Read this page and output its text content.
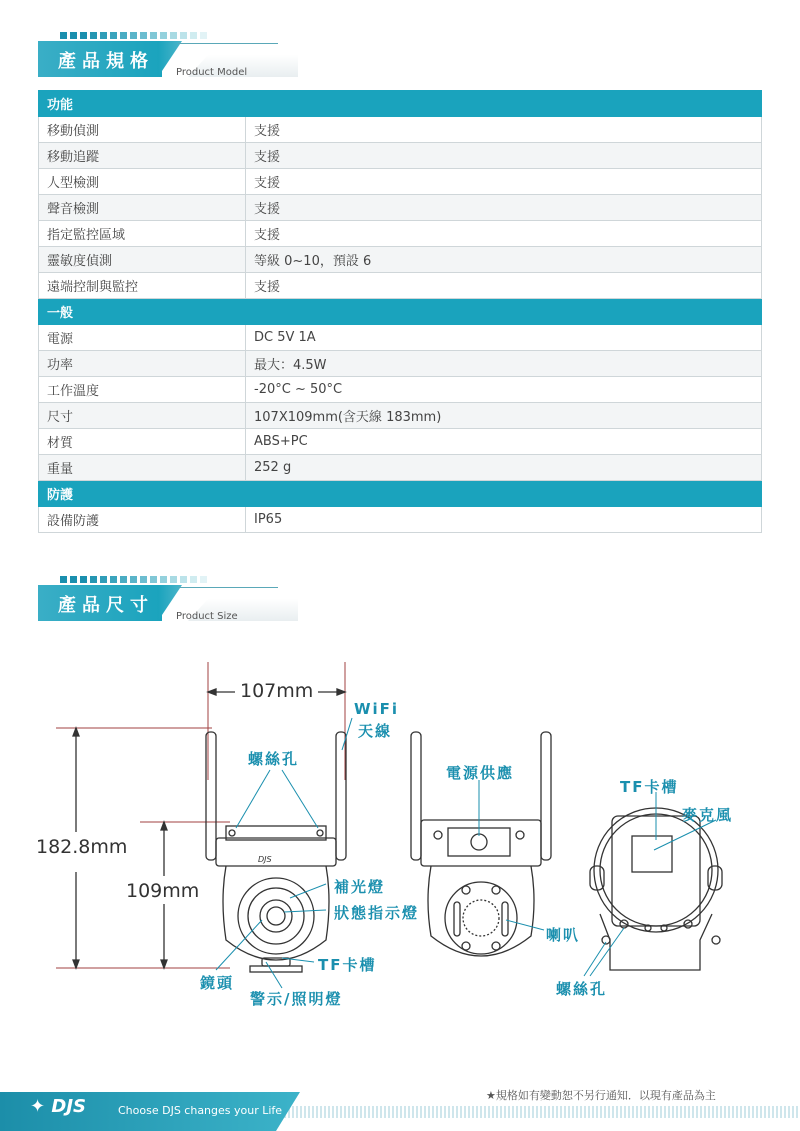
產品規格
Product Model
功能	
移動偵測	支援
移動追蹤	支援
人型檢測	支援
聲音檢測	支援
指定監控區域	支援
靈敏度偵測	等級 0~10，預設 6
遠端控制與監控	支援
一般	
電源	DC 5V 1A
功率	最大：4.5W
工作溫度	-20°C ~ 50°C
尺寸	107X109mm(含天線 183mm)
材質	ABS+PC
重量	252 g
防護	
設備防護	IP65
產品尺寸
Product Size
DJS
107mm
182.8mm
109mm
WiFi
天線
螺絲孔
補光燈
狀態指示燈
TF卡槽
鏡頭
警示/照明燈
電源供應
喇叭
TF卡槽
麥克風
螺絲孔
★規格如有變動恕不另行通知．以現有產品為主
✦ DJS	Choose DJS changes your Life
